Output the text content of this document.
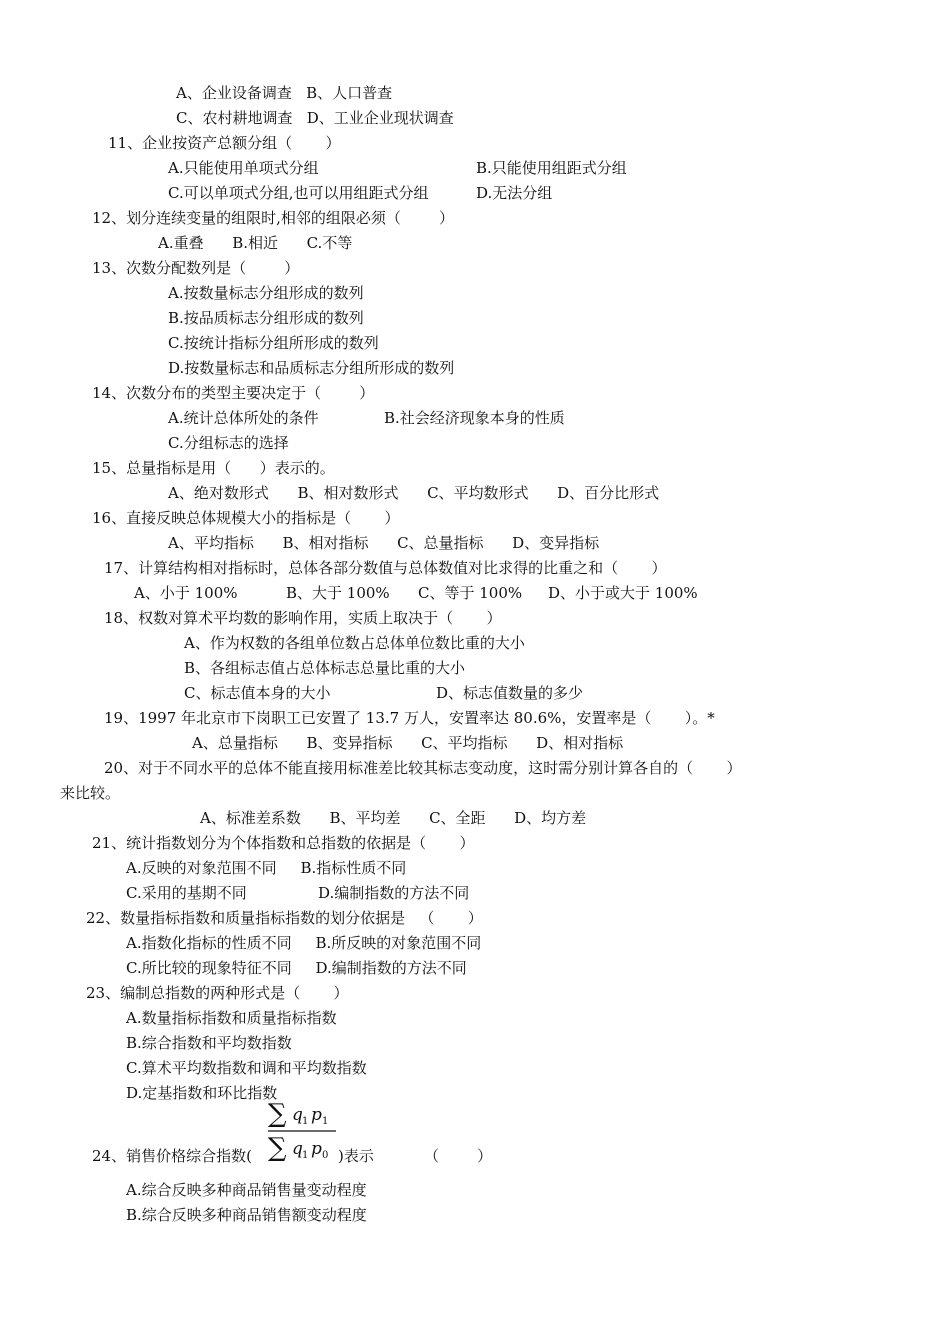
A、企业设备调查   B、人口普查
C、农村耕地调查   D、工业企业现状调查
11、企业按资产总额分组（       ）
A.只能使用单项式分组	B.只能使用组距式分组
C.可以单项式分组,也可以用组距式分组	D.无法分组
12、划分连续变量的组限时,相邻的组限必须（        ）
A.重叠      B.相近      C.不等
13、次数分配数列是（        ）
A.按数量标志分组形成的数列
B.按品质标志分组形成的数列
C.按统计指标分组所形成的数列
D.按数量标志和品质标志分组所形成的数列
14、次数分布的类型主要决定于（        ）
A.统计总体所处的条件	B.社会经济现象本身的性质
C.分组标志的选择
15、总量指标是用（      ）表示的。
A、绝对数形式      B、相对数形式      C、平均数形式      D、百分比形式
16、直接反映总体规模大小的指标是（       ）
A、平均指标      B、相对指标      C、总量指标      D、变异指标
17、计算结构相对指标时，总体各部分数值与总体数值对比求得的比重之和（       ）
A、小于 100%	B、大于 100% C、等于 100% D、小于或大于 100%
18、权数对算术平均数的影响作用，实质上取决于（       ）
A、作为权数的各组单位数占总体单位数比重的大小
B、各组标志值占总体标志总量比重的大小
C、标志值本身的大小	D、标志值数量的多少
19、1997 年北京市下岗职工已安置了 13.7 万人，安置率达 80.6%，安置率是（       ）。*
A、总量指标      B、变异指标      C、平均指标      D、相对指标
20、对于不同水平的总体不能直接用标准差比较其标志变动度，这时需分别计算各自的（       ）
来比较。
A、标准差系数      B、平均差      C、全距      D、均方差
21、统计指数划分为个体指数和总指数的依据是（       ）
A.反映的对象范围不同     B.指标性质不同
C.采用的基期不同	D.编制指数的方法不同
22、数量指标指数和质量指标指数的划分依据是   （       ）
A.指数化指标的性质不同     B.所反映的对象范围不同
C.所比较的现象特征不同     D.编制指数的方法不同
23、编制总指数的两种形式是（       ）
A.数量指标指数和质量指标指数
B.综合指数和平均数指数
C.算术平均数指数和调和平均数指数
D.定基指数和环比指数
24、销售价格综合指数(
∑ q 1 p 1
∑ q 1 p 0 )表示	（        ）
A.综合反映多种商品销售量变动程度
B.综合反映多种商品销售额变动程度
